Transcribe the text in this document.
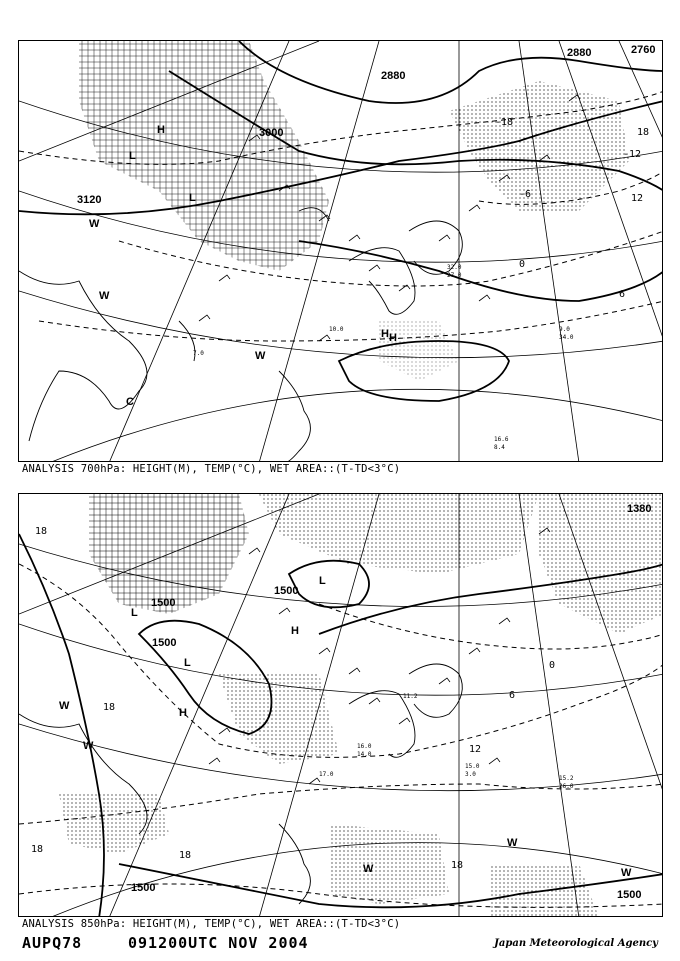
3120
3000
2880
2880	2760
-18
-12
-6
0
18
12
6
H
L
L
H
H
W
W
C
W
9.0
34.0
16.6
8.4
7.0
32.0
27.0
10.0
ANALYSIS 700hPa: HEIGHT(M), TEMP(°C), WET AREA::(T-TD<3°C)
1500
1500
1500
1500
1500
1380
18
18
18
18
18
12
6
0
L
H
L
L
W
W
W
W
W
H
15.2
26.0
15.0
3.0
11.2
16.0
14.0
17.0
ANALYSIS 850hPa: HEIGHT(M), TEMP(°C), WET AREA::(T-TD<3°C)
AUPQ78	091200UTC NOV 2004	Japan Meteorological Agency
